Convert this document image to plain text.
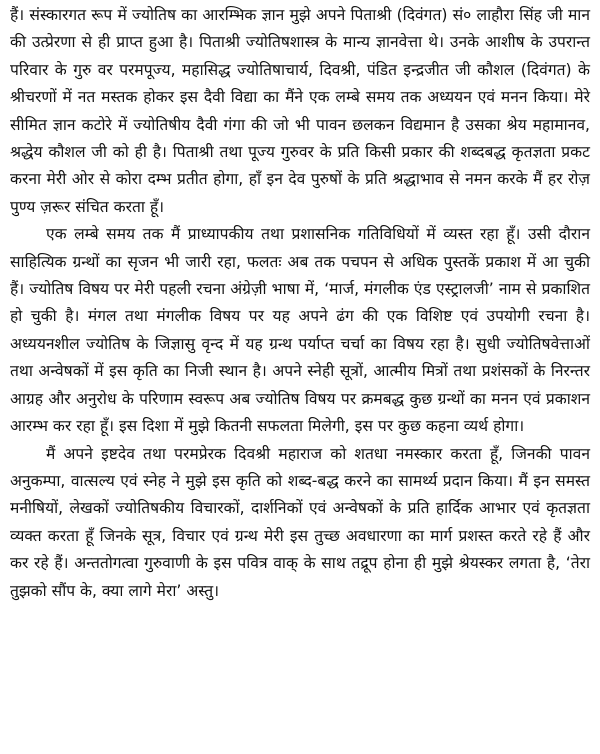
हैं। संस्कारगत रूप में ज्योतिष का आरम्भिक ज्ञान मुझे अपने पिताश्री (दिवंगत) सं० लाहौरा सिंह जी मान की उत्प्रेरणा से ही प्राप्त हुआ है। पिताश्री ज्योतिषशास्त्र के मान्य ज्ञानवेत्ता थे। उनके आशीष के उपरान्त परिवार के गुरु वर परमपूज्य, महासिद्ध ज्योतिषाचार्य, दिवश्री, पंडित इन्द्रजीत जी कौशल (दिवंगत) के श्रीचरणों में नत मस्तक होकर इस दैवी विद्या का मैंने एक लम्बे समय तक अध्ययन एवं मनन किया। मेरे सीमित ज्ञान कटोरे में ज्योतिषीय दैवी गंगा की जो भी पावन छलकन विद्यमान है उसका श्रेय महामानव, श्रद्धेय कौशल जी को ही है। पिताश्री तथा पूज्य गुरुवर के प्रति किसी प्रकार की शब्दबद्ध कृतज्ञता प्रकट करना मेरी ओर से कोरा दम्भ प्रतीत होगा, हाँ इन देव पुरुषों के प्रति श्रद्धाभाव से नमन करके मैं हर रोज़ पुण्य ज़रूर संचित करता हूँ।

एक लम्बे समय तक मैं प्राध्यापकीय तथा प्रशासनिक गतिविधियों में व्यस्त रहा हूँ। उसी दौरान साहित्यिक ग्रन्थों का सृजन भी जारी रहा, फलतः अब तक पचपन से अधिक पुस्तकें प्रकाश में आ चुकी हैं। ज्योतिष विषय पर मेरी पहली रचना अंग्रेज़ी भाषा में, ‘मार्ज, मंगलीक एंड एस्ट्रालजी’ नाम से प्रकाशित हो चुकी है। मंगल तथा मंगलीक विषय पर यह अपने ढंग की एक विशिष्ट एवं उपयोगी रचना है। अध्ययनशील ज्योतिष के जिज्ञासु वृन्द में यह ग्रन्थ पर्याप्त चर्चा का विषय रहा है। सुधी ज्योतिषवेत्ताओं तथा अन्वेषकों में इस कृति का निजी स्थान है। अपने स्नेही सूत्रों, आत्मीय मित्रों तथा प्रशंसकों के निरन्तर आग्रह और अनुरोध के परिणाम स्वरूप अब ज्योतिष विषय पर क्रमबद्ध कुछ ग्रन्थों का मनन एवं प्रकाशन आरम्भ कर रहा हूँ। इस दिशा में मुझे कितनी सफलता मिलेगी, इस पर कुछ कहना व्यर्थ होगा।

मैं अपने इष्टदेव तथा परमप्रेरक दिवश्री महाराज को शतधा नमस्कार करता हूँ, जिनकी पावन अनुकम्पा, वात्सल्य एवं स्नेह ने मुझे इस कृति को शब्द-बद्ध करने का सामर्थ्य प्रदान किया। मैं इन समस्त मनीषियों, लेखकों ज्योतिषकीय विचारकों, दार्शनिकों एवं अन्वेषकों के प्रति हार्दिक आभार एवं कृतज्ञता व्यक्त करता हूँ जिनके सूत्र, विचार एवं ग्रन्थ मेरी इस तुच्छ अवधारणा का मार्ग प्रशस्त करते रहे हैं और कर रहे हैं। अन्ततोगत्वा गुरुवाणी के इस पवित्र वाक् के साथ तद्रूप होना ही मुझे श्रेयस्कर लगता है, ‘तेरा तुझको सौंप के, क्या लागे मेरा’ अस्तु।
